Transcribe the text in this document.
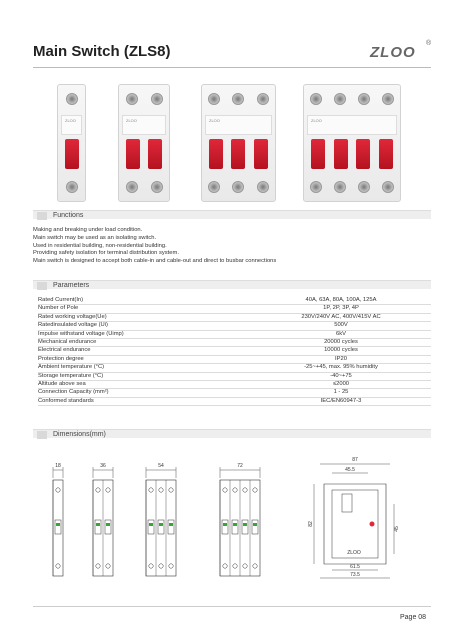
Main Switch (ZLS8)	ZLOO
®
ZLOO	ZLOO	ZLOO	ZLOO
Functions
Making and breaking under load condition.
Main switch may be used as an isolating switch.
Used in residential building, non-residential building.
Providing safety isolation for terminal distribution system.
Main switch is designed to accept both cable-in and cable-out and direct to busbar connections
Parameters
Rated Current(In)	40A, 63A, 80A, 100A, 125A
Number of Pole	1P, 2P, 3P, 4P
Rated working voltage(Ue)	230V/240V AC, 400V/415V AC
Ratedinsulated voltage (Ui)	500V
Impulse withstand voltage (Uimp)	6kV
Mechanical endurance	20000 cycles
Electrical endurance	10000 cycles
Protection degree	IP20
Ambient temperature (°C)	-25~+45, max. 95% humidity
Storage temperature (°C)	-40~+75
Altitude above sea	≤2000
Connection Capacity (mm²)	1 - 25
Conformed standards	IEC/EN60947-3
Dimensions(mm)
18	36	54	72
87
45.5
ZLOO
82
45
61.5
73.5
Page 08
